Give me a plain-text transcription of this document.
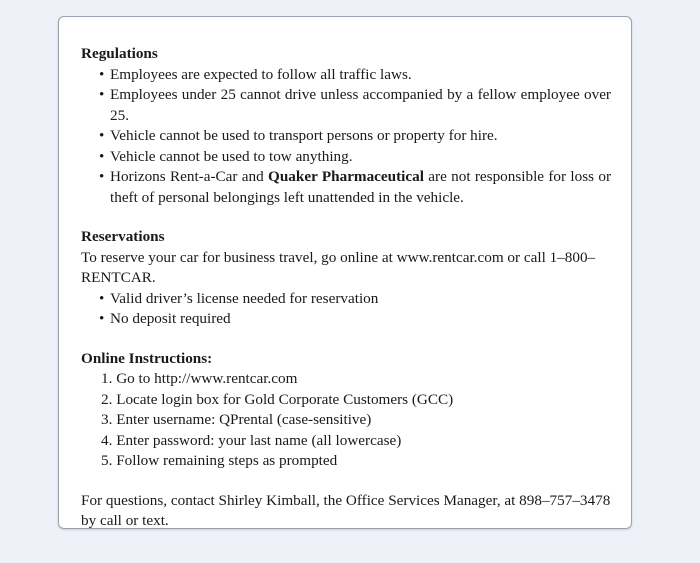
Regulations

• Employees are expected to follow all traffic laws.
• Employees under 25 cannot drive unless accompanied by a fellow employee over 25.
• Vehicle cannot be used to transport persons or property for hire.
• Vehicle cannot be used to tow anything.
• Horizons Rent-a-Car and Quaker Pharmaceutical are not responsible for loss or theft of personal belongings left unattended in the vehicle.

Reservations

To reserve your car for business travel, go online at www.rentcar.com or call 1–800–RENTCAR.

• Valid driver’s license needed for reservation
• No deposit required

Online Instructions:

1. Go to http://www.rentcar.com
2. Locate login box for Gold Corporate Customers (GCC)
3. Enter username: QPrental (case-sensitive)
4. Enter password: your last name (all lowercase)
5. Follow remaining steps as prompted

For questions, contact Shirley Kimball, the Office Services Manager, at 898–757–3478 by call or text.
